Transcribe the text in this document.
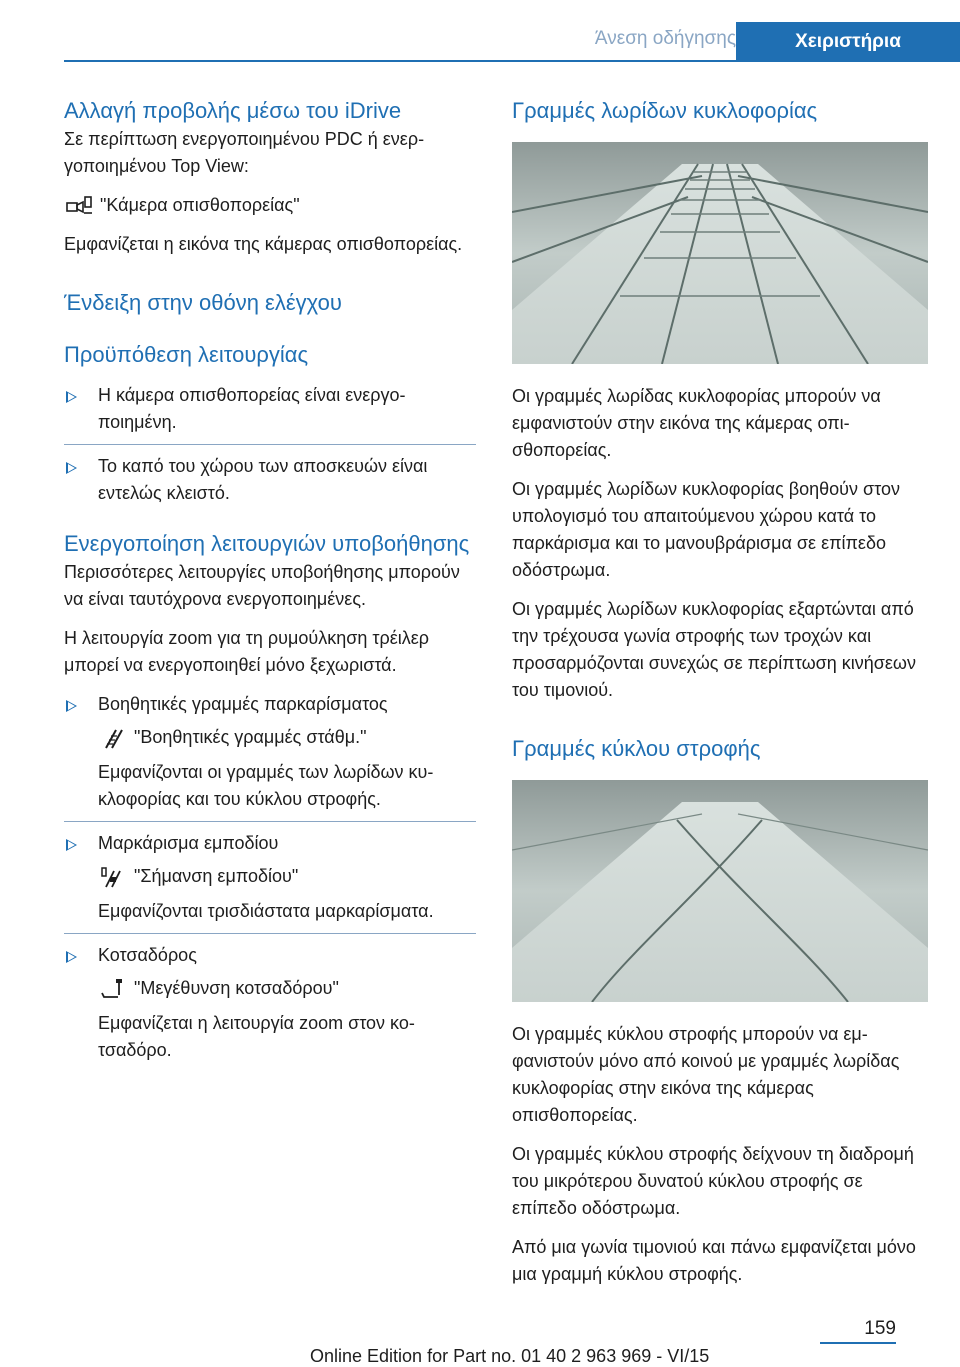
Άνεση οδήγησης	Χειριστήρια
Αλλαγή προβολής μέσω του iDrive

Σε περίπτωση ενεργοποιημένου PDC ή ενεργοποιημένου Top View:

"Κάμερα οπισθοπορείας"

Εμφανίζεται η εικόνα της κάμερας οπισθοπορείας.

Ένδειξη στην οθόνη ελέγχου
Προϋπόθεση λειτουργίας
Η κάμερα οπισθοπορείας είναι ενεργοποιημένη.
Το καπό του χώρου των αποσκευών είναι εντελώς κλειστό.
Ενεργοποίηση λειτουργιών υποβοήθησης

Περισσότερες λειτουργίες υποβοήθησης μπορούν να είναι ταυτόχρονα ενεργοποιημένες.

Η λειτουργία zoom για τη ρυμούλκηση τρέιλερ μπορεί να ενεργοποιηθεί μόνο ξεχωριστά.

Βοηθητικές γραμμές παρκαρίσματος
"Βοηθητικές γραμμές στάθμ."

Εμφανίζονται οι γραμμές των λωρίδων κυκλοφορίας και του κύκλου στροφής.

Μαρκάρισμα εμποδίου
"Σήμανση εμποδίου"

Εμφανίζονται τρισδιάστατα μαρκαρίσματα.

Κοτσαδόρος
"Μεγέθυνση κοτσαδόρου"

Εμφανίζεται η λειτουργία zoom στον κοτσαδόρο.

Γραμμές λωρίδων κυκλοφορίας

Οι γραμμές λωρίδας κυκλοφορίας μπορούν να εμφανιστούν στην εικόνα της κάμερας οπισθοπορείας.

Οι γραμμές λωρίδων κυκλοφορίας βοηθούν στον υπολογισμό του απαιτούμενου χώρου κατά το παρκάρισμα και το μανουβράρισμα σε επίπεδο οδόστρωμα.

Οι γραμμές λωρίδων κυκλοφορίας εξαρτώνται από την τρέχουσα γωνία στροφής των τροχών και προσαρμόζονται συνεχώς σε περίπτωση κινήσεων του τιμονιού.

Γραμμές κύκλου στροφής

Οι γραμμές κύκλου στροφής μπορούν να εμφανιστούν μόνο από κοινού με γραμμές λωρίδας κυκλοφορίας στην εικόνα της κάμερας οπισθοπορείας.

Οι γραμμές κύκλου στροφής δείχνουν τη διαδρομή του μικρότερου δυνατού κύκλου στροφής σε επίπεδο οδόστρωμα.

Από μια γωνία τιμονιού και πάνω εμφανίζεται μόνο μια γραμμή κύκλου στροφής.

159
Online Edition for Part no. 01 40 2 963 969 - VI/15
